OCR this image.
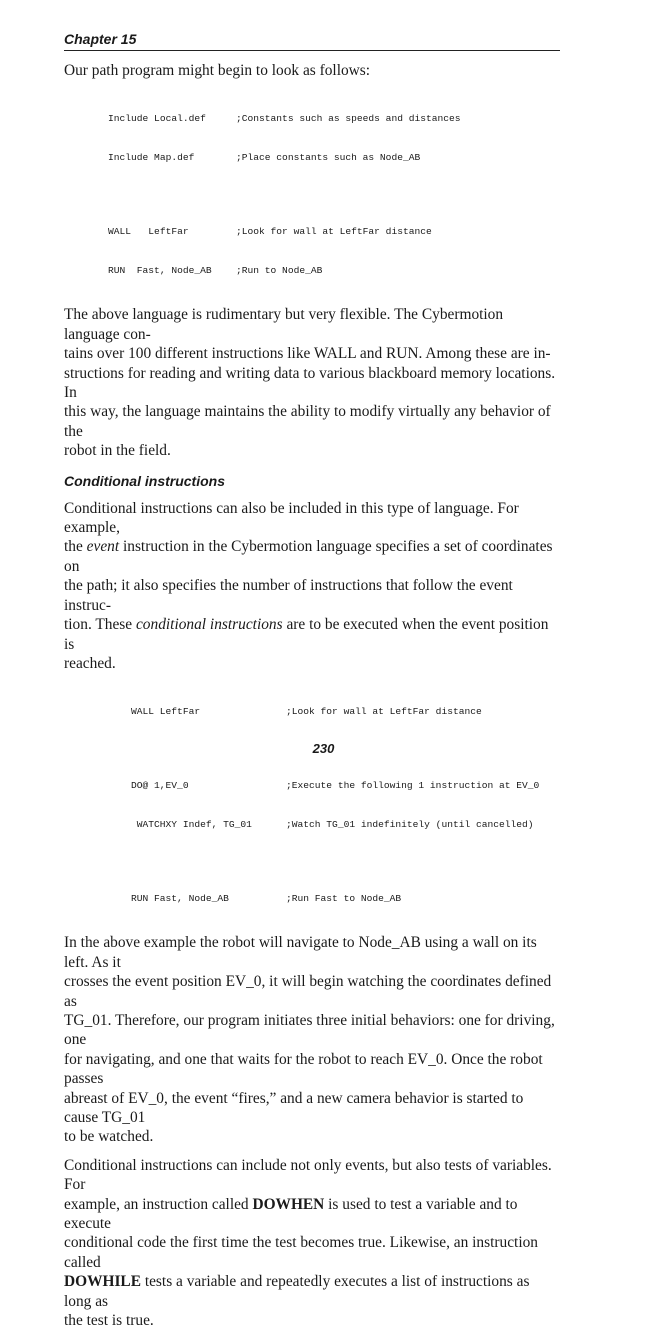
Chapter 15

Our path program might begin to look as follows:

Include Local.def	;Constants such as speeds and distances

Include Map.def	;Place constants such as Node_AB

WALL   LeftFar	;Look for wall at LeftFar distance

RUN  Fast, Node_AB	;Run to Node_AB

The above language is rudimentary but very flexible. The Cybermotion language con-
tains over 100 different instructions like WALL and RUN. Among these are in-
structions for reading and writing data to various blackboard memory locations. In
this way, the language maintains the ability to modify virtually any behavior of the
robot in the field.

Conditional instructions

Conditional instructions can also be included in this type of language. For example,
the event instruction in the Cybermotion language specifies a set of coordinates on
the path; it also specifies the number of instructions that follow the event instruc-
tion. These conditional instructions are to be executed when the event position is
reached.

WALL LeftFar	;Look for wall at LeftFar distance

DO@ 1,EV_0	;Execute the following 1 instruction at EV_0

WATCHXY Indef, TG_01	;Watch TG_01 indefinitely (until cancelled)

RUN Fast, Node_AB	;Run Fast to Node_AB

In the above example the robot will navigate to Node_AB using a wall on its left. As it
crosses the event position EV_0, it will begin watching the coordinates defined as
TG_01. Therefore, our program initiates three initial behaviors: one for driving, one
for navigating, and one that waits for the robot to reach EV_0. Once the robot passes
abreast of EV_0, the event “fires,” and a new camera behavior is started to cause TG_01
to be watched.

Conditional instructions can include not only events, but also tests of variables. For
example, an instruction called DOWHEN is used to test a variable and to execute
conditional code the first time the test becomes true. Likewise, an instruction called
DOWHILE tests a variable and repeatedly executes a list of instructions as long as
the test is true.

230
